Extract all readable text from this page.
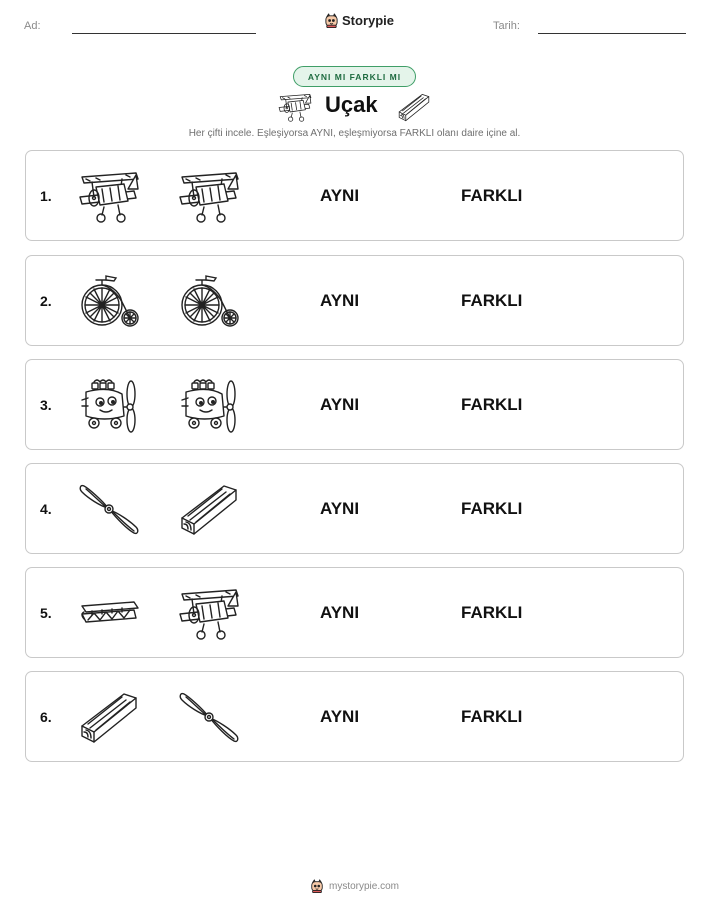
Ad:	Storypie	Tarih:
AYNI MI FARKLI MI
Uçak
Her çifti incele. Eşleşiyorsa AYNI, eşleşmiyorsa FARKLI olanı daire içine al.
1.	AYNI	FARKLI
2.	AYNI	FARKLI
3.	AYNI	FARKLI
4.	AYNI	FARKLI
5.	AYNI	FARKLI
6.	AYNI	FARKLI
mystorypie.com
